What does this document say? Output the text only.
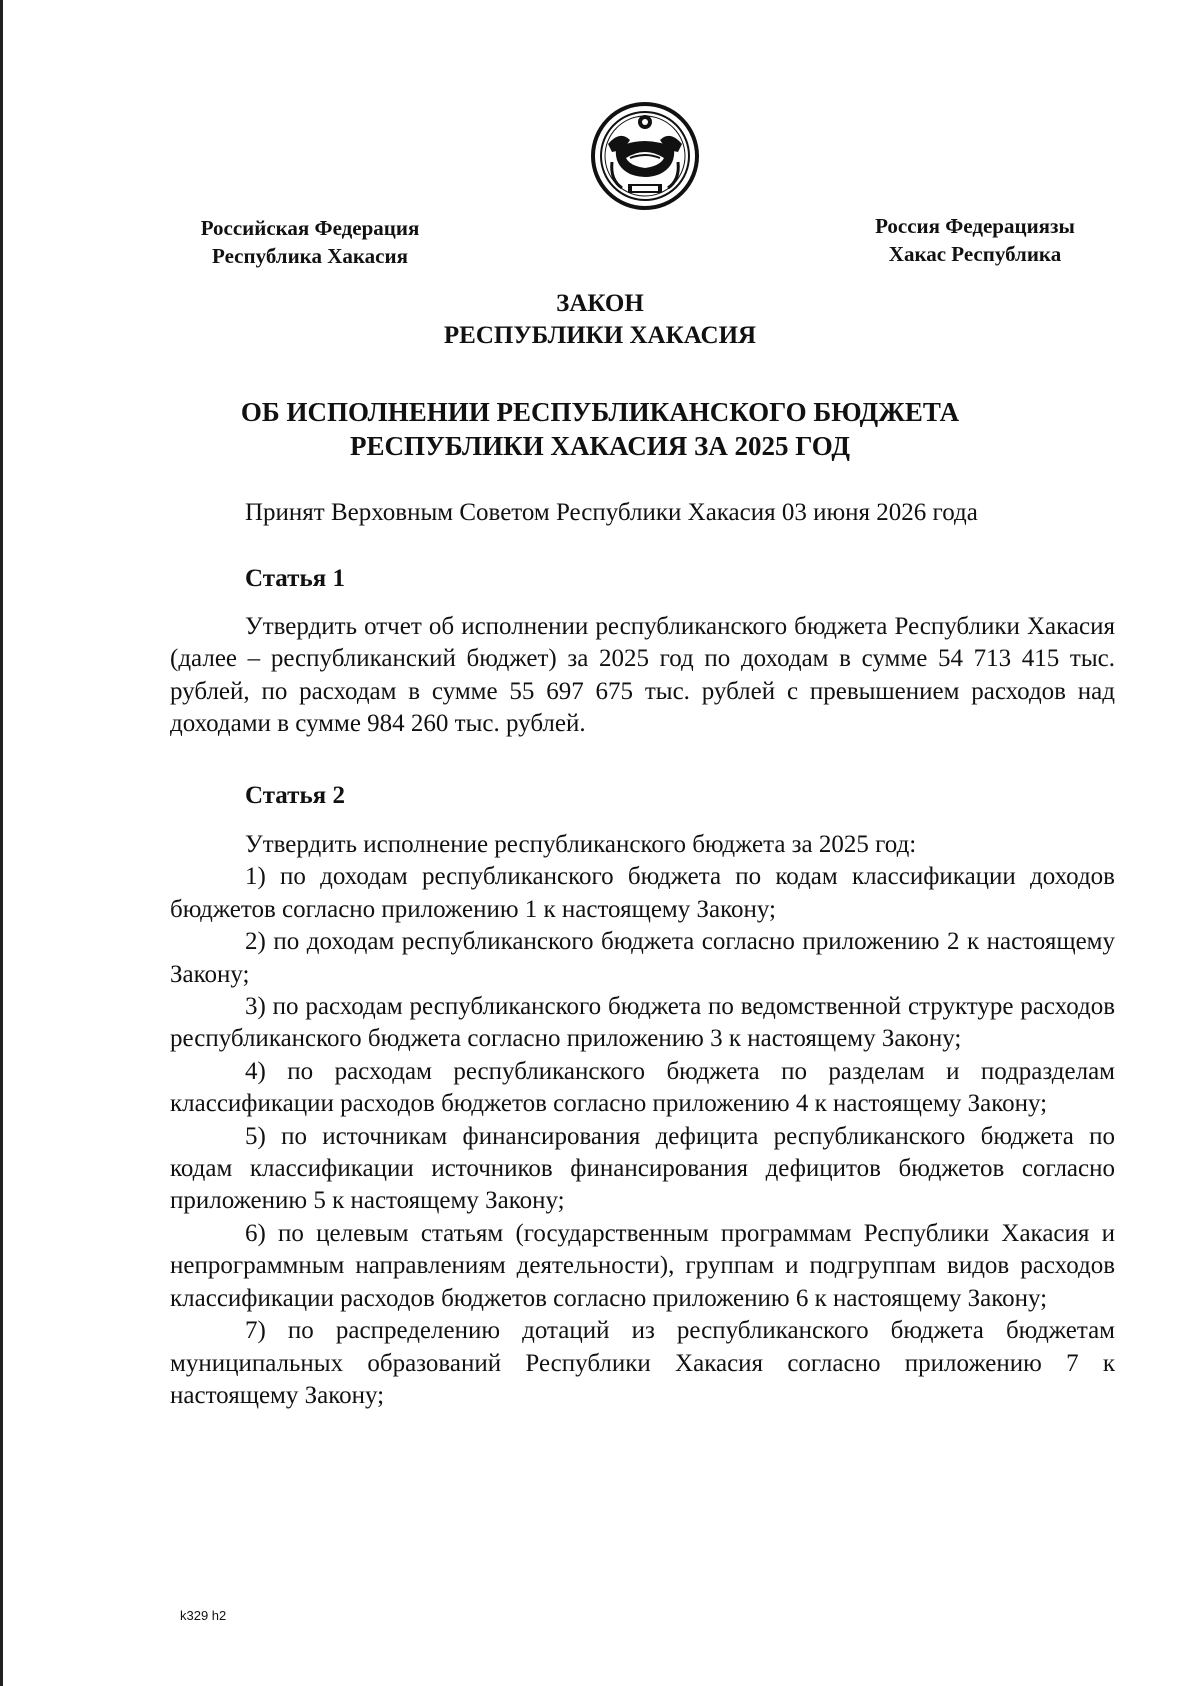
Российская Федерация
Республика Хакасия
Россия Федерациязы
Хакас Республика
ЗАКОН
РЕСПУБЛИКИ ХАКАСИЯ
ОБ ИСПОЛНЕНИИ РЕСПУБЛИКАНСКОГО БЮДЖЕТА
РЕСПУБЛИКИ ХАКАСИЯ ЗА 2025 ГОД
Принят Верховным Советом Республики Хакасия 03 июня 2026 года
Статья 1

Утвердить отчет об исполнении республиканского бюджета Республики Хакасия (далее – республиканский бюджет) за 2025 год по доходам в сумме 54 713 415 тыс. рублей, по расходам в сумме 55 697 675 тыс. рублей с превышением расходов над доходами в сумме 984 260 тыс. рублей.

Статья 2

Утвердить исполнение республиканского бюджета за 2025 год:

1) по доходам республиканского бюджета по кодам классификации доходов бюджетов согласно приложению 1 к настоящему Закону;

2) по доходам республиканского бюджета согласно приложению 2 к настоящему Закону;

3) по расходам республиканского бюджета по ведомственной структуре расходов республиканского бюджета согласно приложению 3 к настоящему Закону;

4) по расходам республиканского бюджета по разделам и подразделам классификации расходов бюджетов согласно приложению 4 к настоящему Закону;

5) по источникам финансирования дефицита республиканского бюджета по кодам классификации источников финансирования дефицитов бюджетов согласно приложению 5 к настоящему Закону;

6) по целевым статьям (государственным программам Республики Хакасия и непрограммным направлениям деятельности), группам и подгруппам видов расходов классификации расходов бюджетов согласно приложению 6 к настоящему Закону;

7) по распределению дотаций из республиканского бюджета бюджетам муниципальных образований Республики Хакасия согласно приложению 7 к настоящему Закону;

k329 h2
